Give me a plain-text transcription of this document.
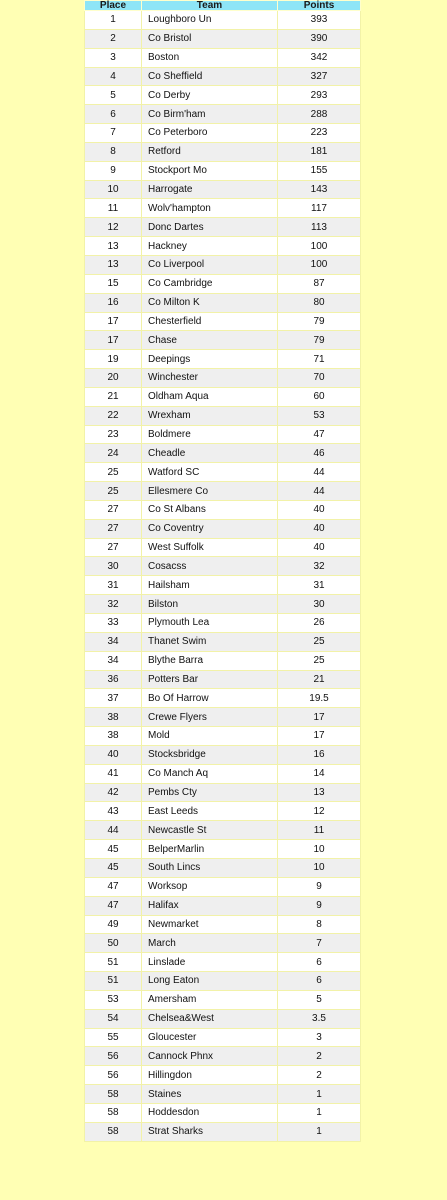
Place	Team	Points
1	Loughboro Un	393
2	Co Bristol	390
3	Boston	342
4	Co Sheffield	327
5	Co Derby	293
6	Co Birm'ham	288
7	Co Peterboro	223
8	Retford	181
9	Stockport Mo	155
10	Harrogate	143
11	Wolv'hampton	117
12	Donc Dartes	113
13	Hackney	100
13	Co Liverpool	100
15	Co Cambridge	87
16	Co Milton K	80
17	Chesterfield	79
17	Chase	79
19	Deepings	71
20	Winchester	70
21	Oldham Aqua	60
22	Wrexham	53
23	Boldmere	47
24	Cheadle	46
25	Watford SC	44
25	Ellesmere Co	44
27	Co St Albans	40
27	Co Coventry	40
27	West Suffolk	40
30	Cosacss	32
31	Hailsham	31
32	Bilston	30
33	Plymouth Lea	26
34	Thanet Swim	25
34	Blythe Barra	25
36	Potters Bar	21
37	Bo Of Harrow	19.5
38	Crewe Flyers	17
38	Mold	17
40	Stocksbridge	16
41	Co Manch Aq	14
42	Pembs Cty	13
43	East Leeds	12
44	Newcastle St	11
45	BelperMarlin	10
45	South Lincs	10
47	Worksop	9
47	Halifax	9
49	Newmarket	8
50	March	7
51	Linslade	6
51	Long Eaton	6
53	Amersham	5
54	Chelsea&West	3.5
55	Gloucester	3
56	Cannock Phnx	2
56	Hillingdon	2
58	Staines	1
58	Hoddesdon	1
58	Strat Sharks	1
